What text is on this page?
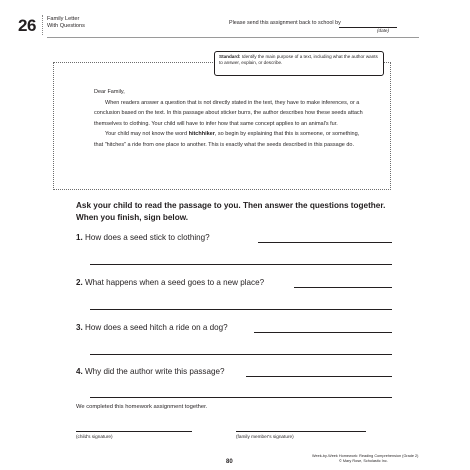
26 Family Letter
With Questions	Please send this assignment back to school by
(date)
Standard: Identify the main purpose of a text, including what the author wants to answer, explain, or describe.

Dear Family,

When readers answer a question that is not directly stated in the text, they have to make inferences, or a conclusion based on the text. In this passage about sticker burrs, the author describes how these seeds attach themselves to clothing. Your child will have to infer how that same concept applies to an animal's fur.

Your child may not know the word hitchhiker, so begin by explaining that this is someone, or something, that "hitches" a ride from one place to another. This is exactly what the seeds described in this passage do.

Ask your child to read the passage to you. Then answer the questions together. When you finish, sign below.
1. How does a seed stick to clothing?
2. What happens when a seed goes to a new place?
3. How does a seed hitch a ride on a dog?
4. Why did the author write this passage?
We completed this homework assignment together.
(child's signature)	(family member's signature)
80
Week-by-Week Homework: Reading Comprehension (Grade 2)
© Mary Rose, Scholastic Inc.
